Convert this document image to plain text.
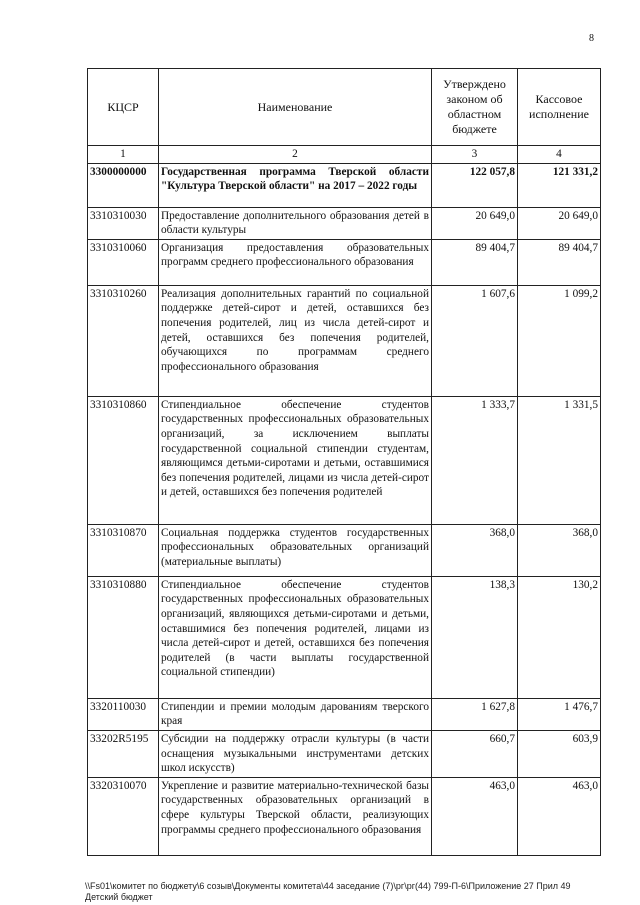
8
КЦСР	Наименование	Утверждено законом об областном бюджете	Кассовое исполнение
1	2	3	4
3300000000	Государственная программа Тверской области "Культура Тверской области" на 2017 – 2022 годы	122 057,8	121 331,2
3310310030	Предоставление дополнительного образования детей в области культуры	20 649,0	20 649,0
3310310060	Организация предоставления образовательных программ среднего профессионального образования	89 404,7	89 404,7
3310310260	Реализация дополнительных гарантий по социальной поддержке детей-сирот и детей, оставшихся без попечения родителей, лиц из числа детей-сирот и детей, оставшихся без попечения родителей, обучающихся по программам среднего профессионального образования	1 607,6	1 099,2
3310310860	Стипендиальное обеспечение студентов государственных профессиональных образовательных организаций, за исключением выплаты государственной социальной стипендии студентам, являющимся детьми-сиротами и детьми, оставшимися без попечения родителей, лицами из числа детей-сирот и детей, оставшихся без попечения родителей	1 333,7	1 331,5
3310310870	Социальная поддержка студентов государственных профессиональных образовательных организаций (материальные выплаты)	368,0	368,0
3310310880	Стипендиальное обеспечение студентов государственных профессиональных образовательных организаций, являющихся детьми-сиротами и детьми, оставшимися без попечения родителей, лицами из числа детей-сирот и детей, оставшихся без попечения родителей (в части выплаты государственной социальной стипендии)	138,3	130,2
3320110030	Стипендии и премии молодым дарованиям тверского края	1 627,8	1 476,7
33202R5195	Субсидии на поддержку отрасли культуры (в части оснащения музыкальными инструментами детских школ искусств)	660,7	603,9
3320310070	Укрепление и развитие материально-технической базы государственных образовательных организаций в сфере культуры Тверской области, реализующих программы среднего профессионального образования	463,0	463,0
\\Fs01\комитет по бюджету\6 созыв\Документы комитета\44 заседание (7)\рг\рг(44) 799-П-6\Приложение 27 Прил 49 Детский бюджет
